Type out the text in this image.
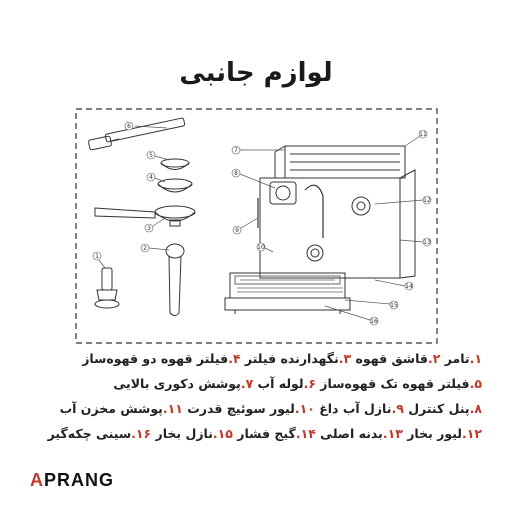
لوازم جانبی
6
5
4
3
2
1
7
8
9
10
11
12
13
14
15
16
۱.تامر ۲.قاشق قهوه ۳.نگهدارنده فیلتر ۴.فیلتر قهوه دو قهوه‌ساز
۵.فیلتر قهوه تک قهوه‌ساز ۶.لوله آب ۷.پوشش دکوری بالایی
۸.پنل کنترل ۹.نازل آب داغ ۱۰.لیور سوئیچ قدرت ۱۱.پوشش مخزن آب
۱۲.لیور بخار ۱۳.بدنه اصلی ۱۴.گیج فشار ۱۵.نازل بخار ۱۶.سینی چکه‌گیر
APRANG
